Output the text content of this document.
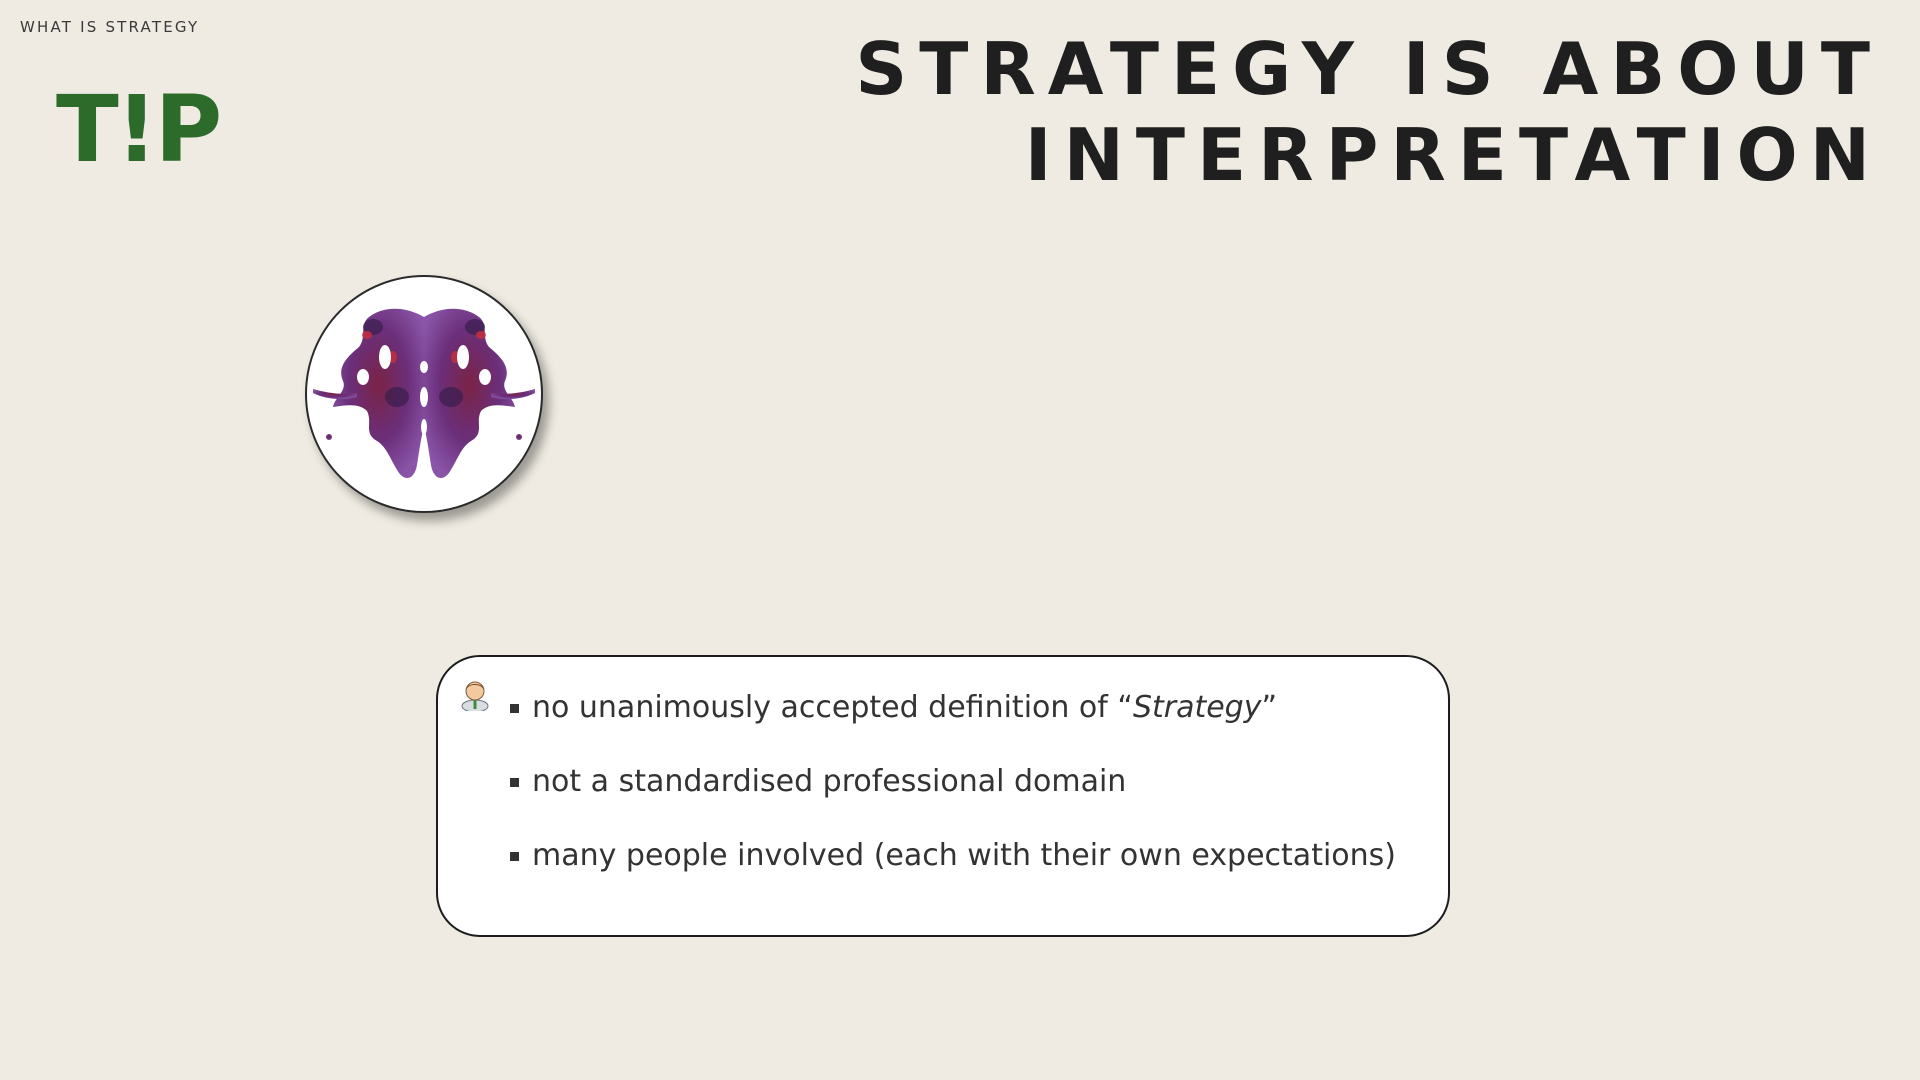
WHAT IS STRATEGY
T!P
STRATEGY IS ABOUT
INTERPRETATION
no unanimously accepted definition of “Strategy”
not a standardised professional domain
many people involved (each with their own expectations)
